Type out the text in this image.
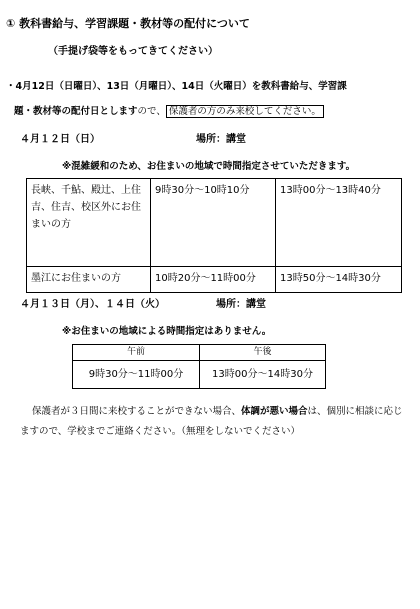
① 教科書給与、学習課題・教材等の配付について
（手提げ袋等をもってきてください）
・4月12日（日曜日）、13日（月曜日）、14日（火曜日）を教科書給与、学習課
題・教材等の配付日としますので、 保護者の方のみ来校してください。
４月１２日（日）	場所：講堂
※混雑緩和のため、お住まいの地域で時間指定させていただきます。
長峡、千鮎、殿辻、上住吉、住吉、校区外にお住まいの方	9時30分～10時10分	13時00分～13時40分
墨江にお住まいの方	10時20分～11時00分	13時50分～14時30分
４月１３日（月）、１４日（火）	場所：講堂
※お住まいの地域による時間指定はありません。
午前	午後
9時30分～11時00分	13時00分～14時30分
保護者が３日間に来校することができない場合、体調が悪い場合は、個別に相談に応じますので、学校までご連絡ください。（無理をしないでください）
